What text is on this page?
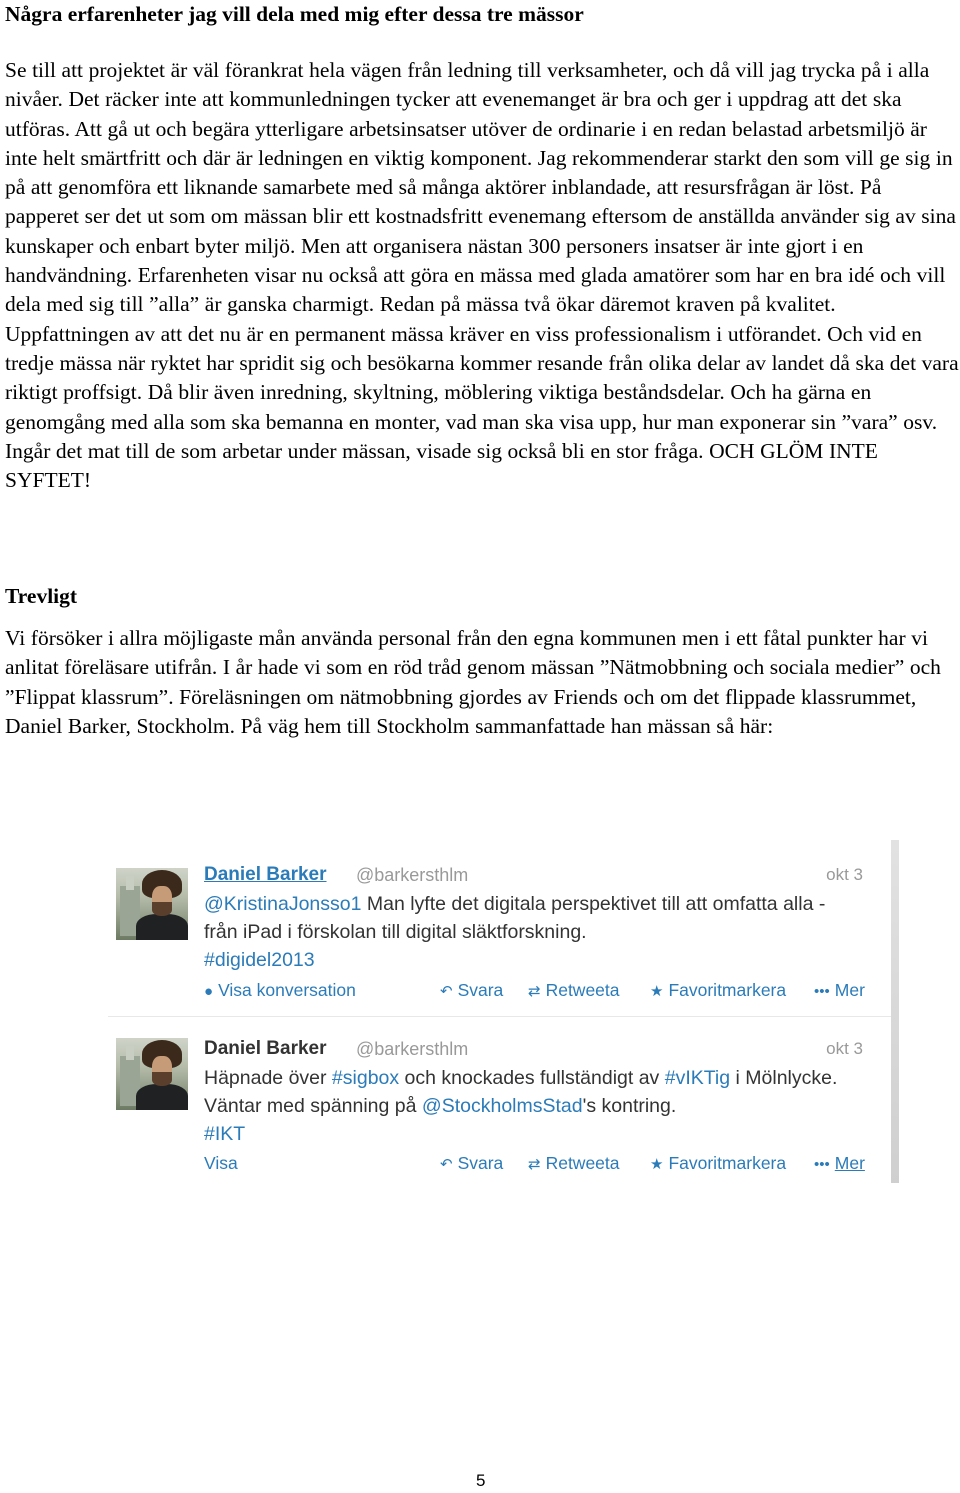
Några erfarenheter jag vill dela med mig efter dessa tre mässor

Se till att projektet är väl förankrat hela vägen från ledning till verksamheter, och då vill jag trycka på i alla nivåer. Det räcker inte att kommunledningen tycker att evenemanget är bra och ger i uppdrag att det ska utföras. Att gå ut och begära ytterligare arbetsinsatser utöver de ordinarie i en redan belastad arbetsmiljö är inte helt smärtfritt och där är ledningen en viktig komponent. Jag rekommenderar starkt den som vill ge sig in på att genomföra ett liknande samarbete med så många aktörer inblandade, att resursfrågan är löst. På papperet ser det ut som om mässan blir ett kostnadsfritt evenemang eftersom de anställda använder sig av sina kunskaper och enbart byter miljö. Men att organisera nästan 300 personers insatser är inte gjort i en handvändning. Erfarenheten visar nu också att göra en mässa med glada amatörer som har en bra idé och vill dela med sig till ”alla” är ganska charmigt. Redan på mässa två ökar däremot kraven på kvalitet. Uppfattningen av att det nu är en permanent mässa kräver en viss professionalism i utförandet. Och vid en tredje mässa när ryktet har spridit sig och besökarna kommer resande från olika delar av landet då ska det vara riktigt proffsigt. Då blir även inredning, skyltning, möblering viktiga beståndsdelar. Och ha gärna en genomgång med alla som ska bemanna en monter, vad man ska visa upp, hur man exponerar sin ”vara” osv. Ingår det mat till de som arbetar under mässan, visade sig också bli en stor fråga. OCH GLÖM INTE SYFTET!

Trevligt

Vi försöker i allra möjligaste mån använda personal från den egna kommunen men i ett fåtal punkter har vi anlitat föreläsare utifrån. I år hade vi som en röd tråd genom mässan ”Nätmobbning och sociala medier” och ”Flippat klassrum”. Föreläsningen om nätmobbning gjordes av Friends och om det flippade klassrummet, Daniel Barker, Stockholm. På väg hem till Stockholm sammanfattade han mässan så här:

Daniel Barker @barkersthlm	okt 3
@KristinaJonsso1 Man lyfte det digitala perspektivet till att omfatta alla - från iPad i förskolan till digital släktforskning.
#digidel2013
● Visa konversation	↶ Svara ⇄ Retweeta ★ Favoritmarkera ••• Mer
Daniel Barker @barkersthlm	okt 3
Häpnade över #sigbox och knockades fullständigt av #vIKTig i Mölnlycke. Väntar med spänning på @StockholmsStad's kontring.
#IKT
Visa	↶ Svara ⇄ Retweeta ★ Favoritmarkera ••• Mer
5
